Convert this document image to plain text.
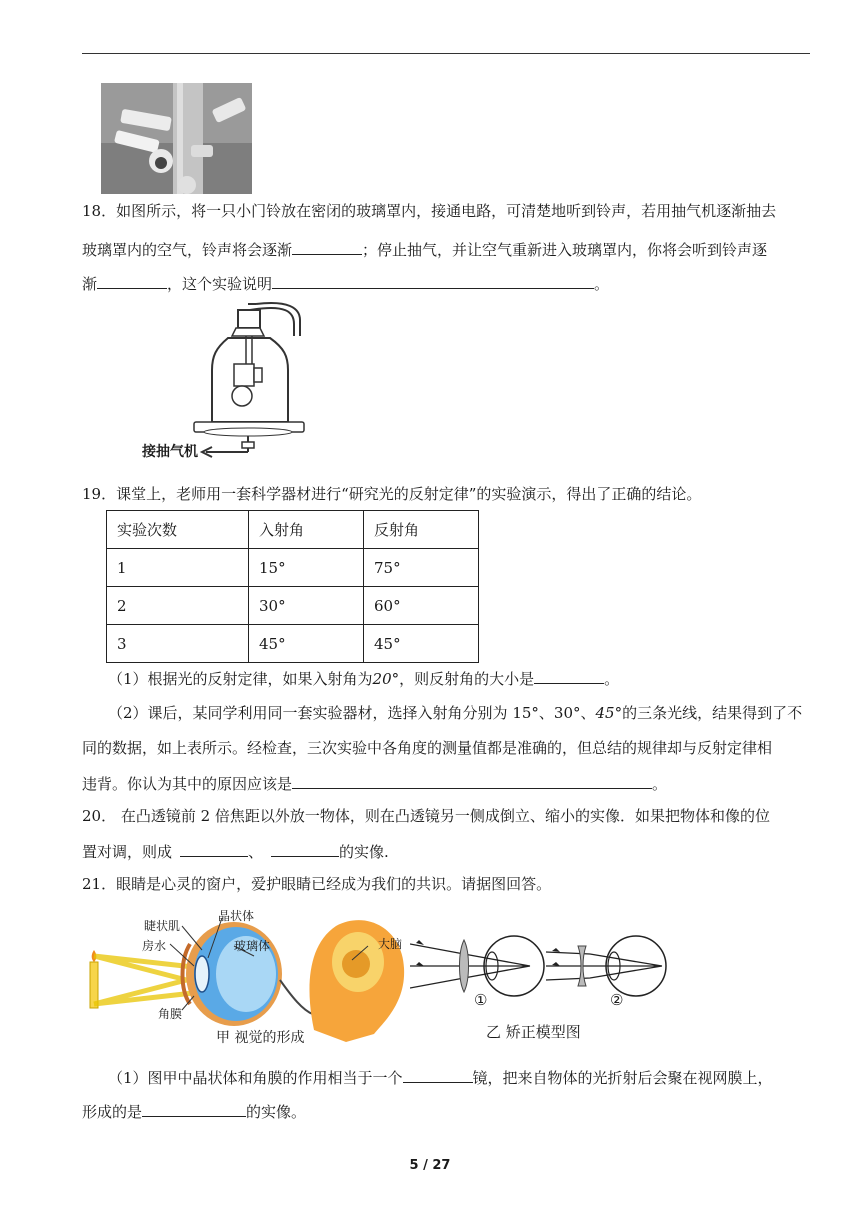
18．如图所示，将一只小门铃放在密闭的玻璃罩内，接通电路，可清楚地听到铃声，若用抽气机逐渐抽去
玻璃罩内的空气，铃声将会逐渐	；停止抽气，并让空气重新进入玻璃罩内，你将会听到铃声逐
渐	，这个实验说明	。
接抽气机
19．课堂上，老师用一套科学器材进行“研究光的反射定律”的实验演示，得出了正确的结论。
实验次数	入射角	反射角
1	15°	75°
2	30°	60°
3	45°	45°
（1）根据光的反射定律，如果入射角为20°，则反射角的大小是	。
（2）课后，某同学利用同一套实验器材，选择入射角分别为 15°、30°、45°的三条光线，结果得到了不
同的数据，如上表所示。经检查，三次实验中各角度的测量值都是准确的，但总结的规律却与反射定律相
违背。你认为其中的原因应该是	。
20． 在凸透镜前 2 倍焦距以外放一物体，则在凸透镜另一侧成倒立、缩小的实像．如果把物体和像的位
置对调，则成	、	的实像.
21．眼睛是心灵的窗户，爱护眼睛已经成为我们的共识。请据图回答。
睫状肌
晶状体
房水	玻璃体	大脑
角膜
甲 视觉的形成
①	②
乙 矫正模型图
（1）图甲中晶状体和角膜的作用相当于一个	镜，把来自物体的光折射后会聚在视网膜上，
形成的是	的实像。
5 / 27
